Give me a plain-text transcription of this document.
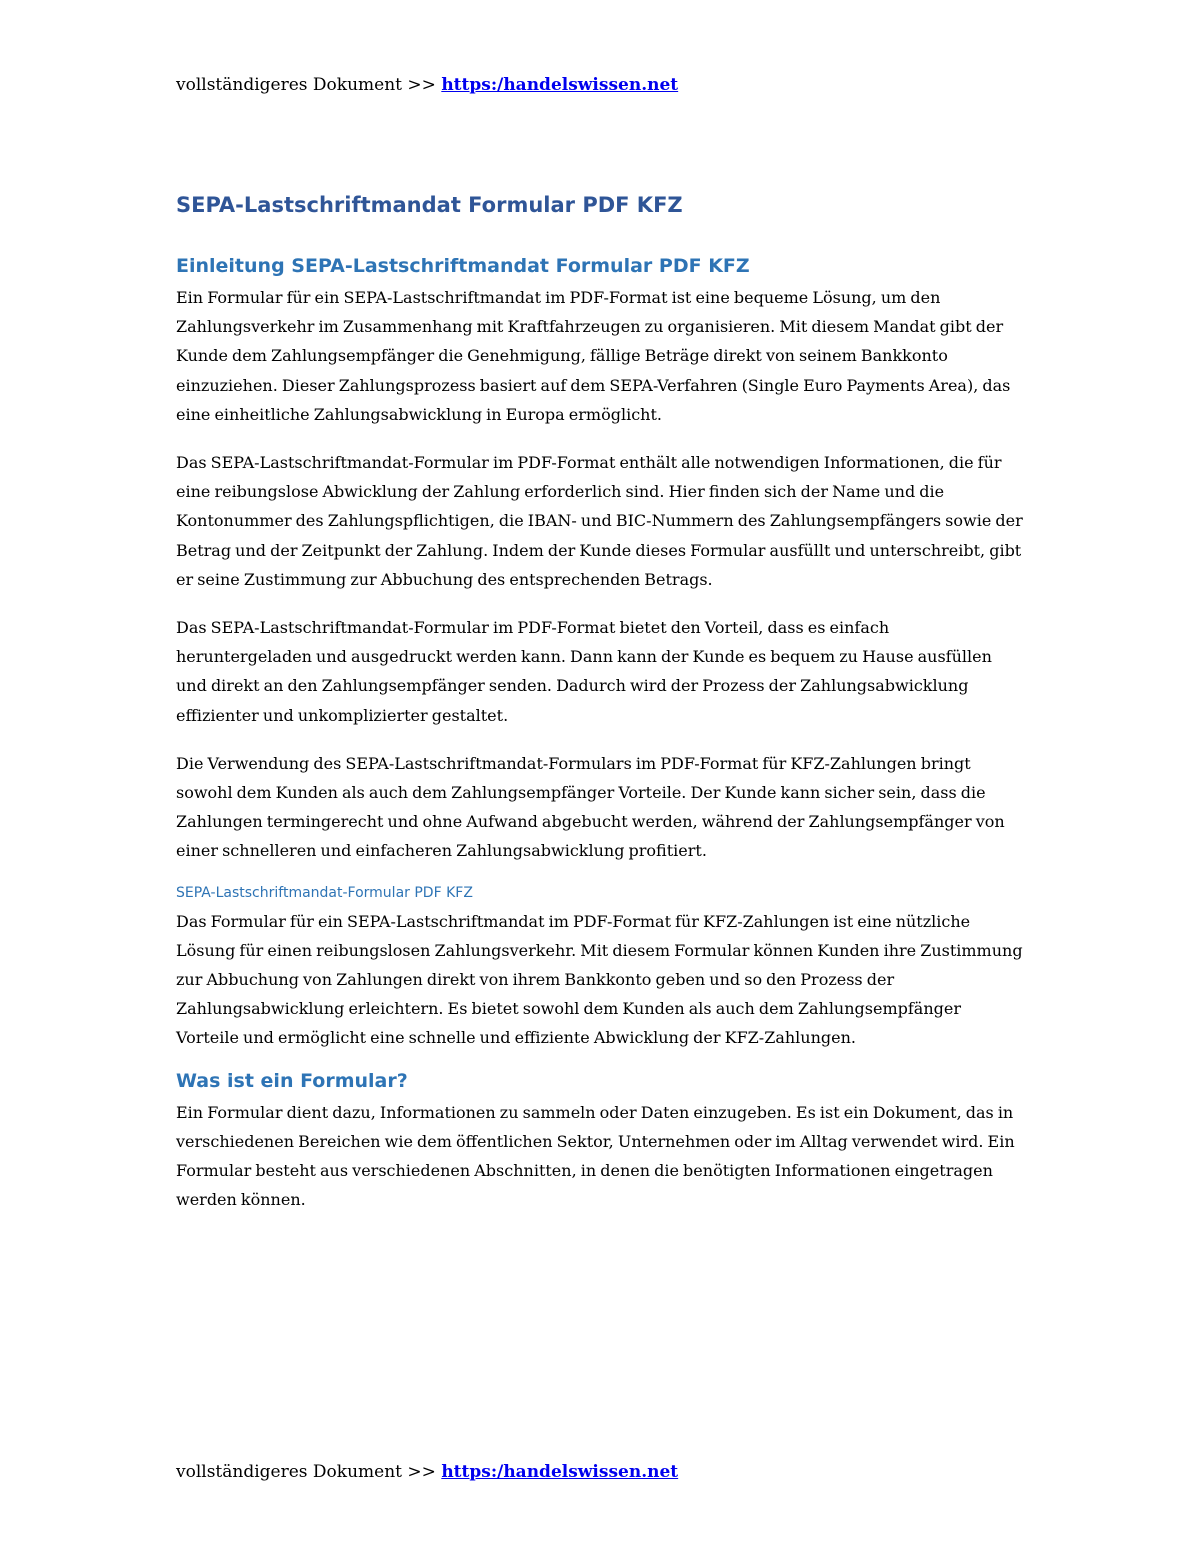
vollständigeres Dokument >> https:/handelswissen.net
SEPA-Lastschriftmandat Formular PDF KFZ
Einleitung SEPA-Lastschriftmandat Formular PDF KFZ

Ein Formular für ein SEPA-Lastschriftmandat im PDF-Format ist eine bequeme Lösung, um den Zahlungsverkehr im Zusammenhang mit Kraftfahrzeugen zu organisieren. Mit diesem Mandat gibt der Kunde dem Zahlungsempfänger die Genehmigung, fällige Beträge direkt von seinem Bankkonto einzuziehen. Dieser Zahlungsprozess basiert auf dem SEPA-Verfahren (Single Euro Payments Area), das eine einheitliche Zahlungsabwicklung in Europa ermöglicht.

Das SEPA-Lastschriftmandat-Formular im PDF-Format enthält alle notwendigen Informationen, die für eine reibungslose Abwicklung der Zahlung erforderlich sind. Hier finden sich der Name und die Kontonummer des Zahlungspflichtigen, die IBAN- und BIC-Nummern des Zahlungsempfängers sowie der Betrag und der Zeitpunkt der Zahlung. Indem der Kunde dieses Formular ausfüllt und unterschreibt, gibt er seine Zustimmung zur Abbuchung des entsprechenden Betrags.

Das SEPA-Lastschriftmandat-Formular im PDF-Format bietet den Vorteil, dass es einfach heruntergeladen und ausgedruckt werden kann. Dann kann der Kunde es bequem zu Hause ausfüllen und direkt an den Zahlungsempfänger senden. Dadurch wird der Prozess der Zahlungsabwicklung effizienter und unkomplizierter gestaltet.

Die Verwendung des SEPA-Lastschriftmandat-Formulars im PDF-Format für KFZ-Zahlungen bringt sowohl dem Kunden als auch dem Zahlungsempfänger Vorteile. Der Kunde kann sicher sein, dass die Zahlungen termingerecht und ohne Aufwand abgebucht werden, während der Zahlungsempfänger von einer schnelleren und einfacheren Zahlungsabwicklung profitiert.

SEPA-Lastschriftmandat-Formular PDF KFZ

Das Formular für ein SEPA-Lastschriftmandat im PDF-Format für KFZ-Zahlungen ist eine nützliche Lösung für einen reibungslosen Zahlungsverkehr. Mit diesem Formular können Kunden ihre Zustimmung zur Abbuchung von Zahlungen direkt von ihrem Bankkonto geben und so den Prozess der Zahlungsabwicklung erleichtern. Es bietet sowohl dem Kunden als auch dem Zahlungsempfänger Vorteile und ermöglicht eine schnelle und effiziente Abwicklung der KFZ-Zahlungen.

Was ist ein Formular?

Ein Formular dient dazu, Informationen zu sammeln oder Daten einzugeben. Es ist ein Dokument, das in verschiedenen Bereichen wie dem öffentlichen Sektor, Unternehmen oder im Alltag verwendet wird. Ein Formular besteht aus verschiedenen Abschnitten, in denen die benötigten Informationen eingetragen werden können.

vollständigeres Dokument >> https:/handelswissen.net
